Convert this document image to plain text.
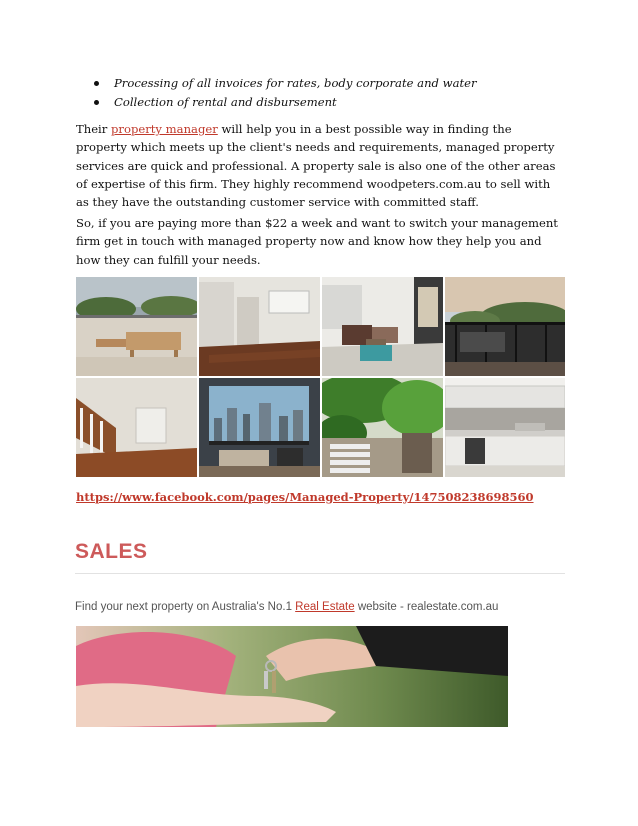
Processing of all invoices for rates, body corporate and water
Collection of rental and disbursement

Their property manager will help you in a best possible way in finding the property which meets up the client's needs and requirements, managed property services are quick and professional. A property sale is also one of the other areas of expertise of this firm. They highly recommend woodpeters.com.au to sell with as they have the outstanding customer service with committed staff.

So, if you are paying more than $22 a week and want to switch your management firm get in touch with managed property now and know how they help you and how they can fulfill your needs.

https://www.facebook.com/pages/Managed-Property/147508238698560
SALES

Find your next property on Australia's No.1 Real Estate website - realestate.com.au
